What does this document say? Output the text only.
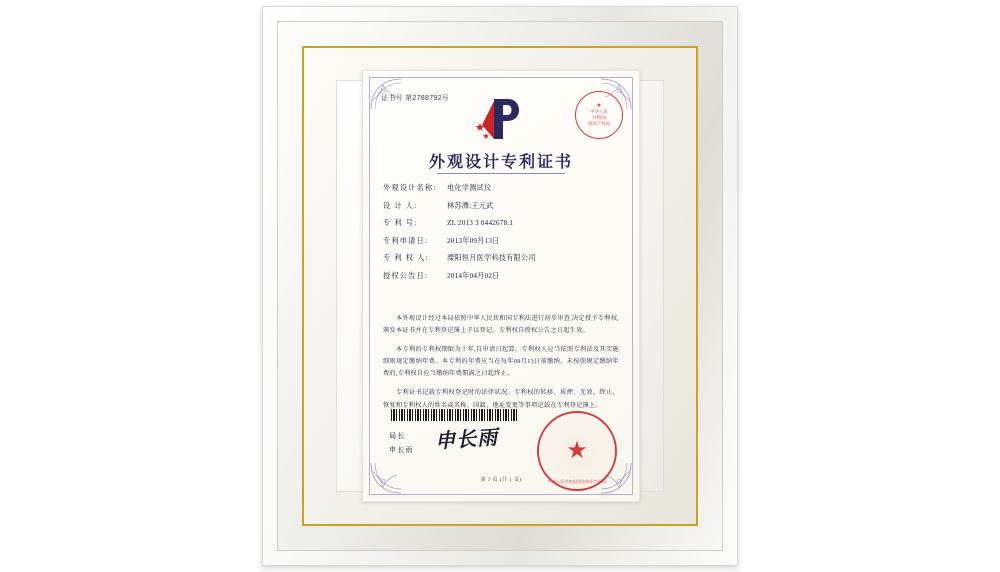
证书号 第2788792号
★
中华人民
共和国
知识产权局
外观设计专利证书
外观设计名称:	电化学测试仪
设 计 人:	林苏潭;王元武
专 利 号:	ZL 2013 3 0442678.1
专利申请日:	2013年09月13日
专 利 权 人:	溧阳恒月医学科技有限公司
授权公告日:	2014年04月02日

本外观设计经过本局依照中华人民共和国专利法进行初步审查,决定授予专利权,颁发本证书并在专利登记簿上予以登记。专利权自授权公告之日起生效。

本专利的专利权期限为十年,自申请日起算。专利权人应当依照专利法及其实施细则规定缴纳年费。本专利的年费应当在每年09月13日前缴纳。未按照规定缴纳年费的,专利权自应当缴纳年费期满之日起终止。

专利证书记载专利权登记时的法律状况。专利权的转移、质押、无效、终止、恢复和专利权人的姓名或名称、国籍、地址变更等事项记载在专利登记簿上。

局长
申长雨 申长雨	★
中华人民共和国国家知识产权局
第 1 页 (共 1 页)
